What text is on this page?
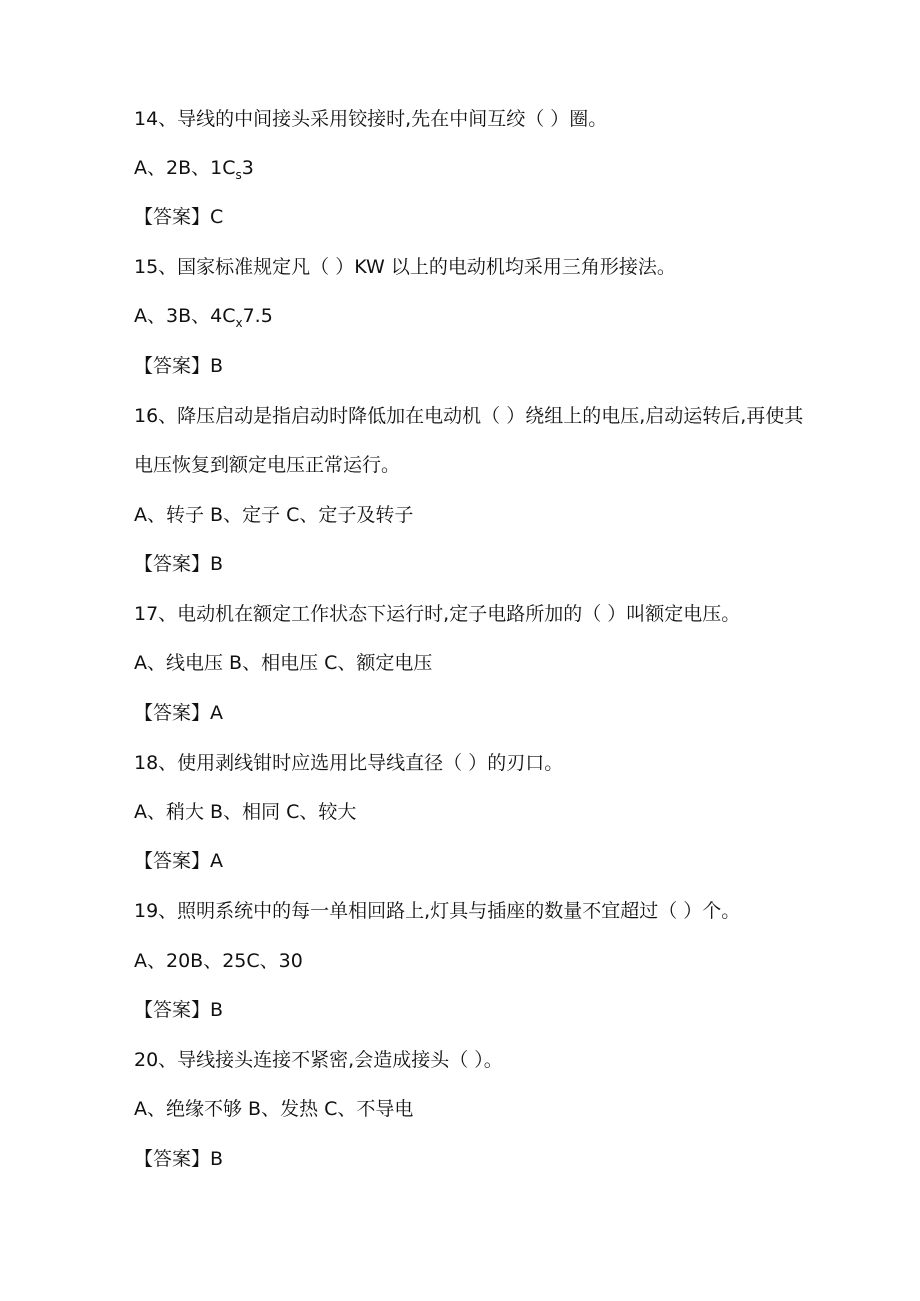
14、导线的中间接头采用铰接时,先在中间互绞（ ）圈。
A、2B、$1C_s3$
【答案】C
15、国家标准规定凡（ ）KW 以上的电动机均采用三角形接法。
A、3B、$4C_x7.5$
【答案】B
16、降压启动是指启动时降低加在电动机（ ）绕组上的电压,启动运转后,再使其
电压恢复到额定电压正常运行。
A、转子 B、定子 C、定子及转子
【答案】B
17、电动机在额定工作状态下运行时,定子电路所加的（ ）叫额定电压。
A、线电压 B、相电压 C、额定电压
【答案】A
18、使用剥线钳时应选用比导线直径（ ）的刃口。
A、稍大 B、相同 C、较大
【答案】A
19、照明系统中的每一单相回路上,灯具与插座的数量不宜超过（ ）个。
A、20B、25C、30
【答案】B
20、导线接头连接不紧密,会造成接头（ ）。
A、绝缘不够 B、发热 C、不导电
【答案】B
